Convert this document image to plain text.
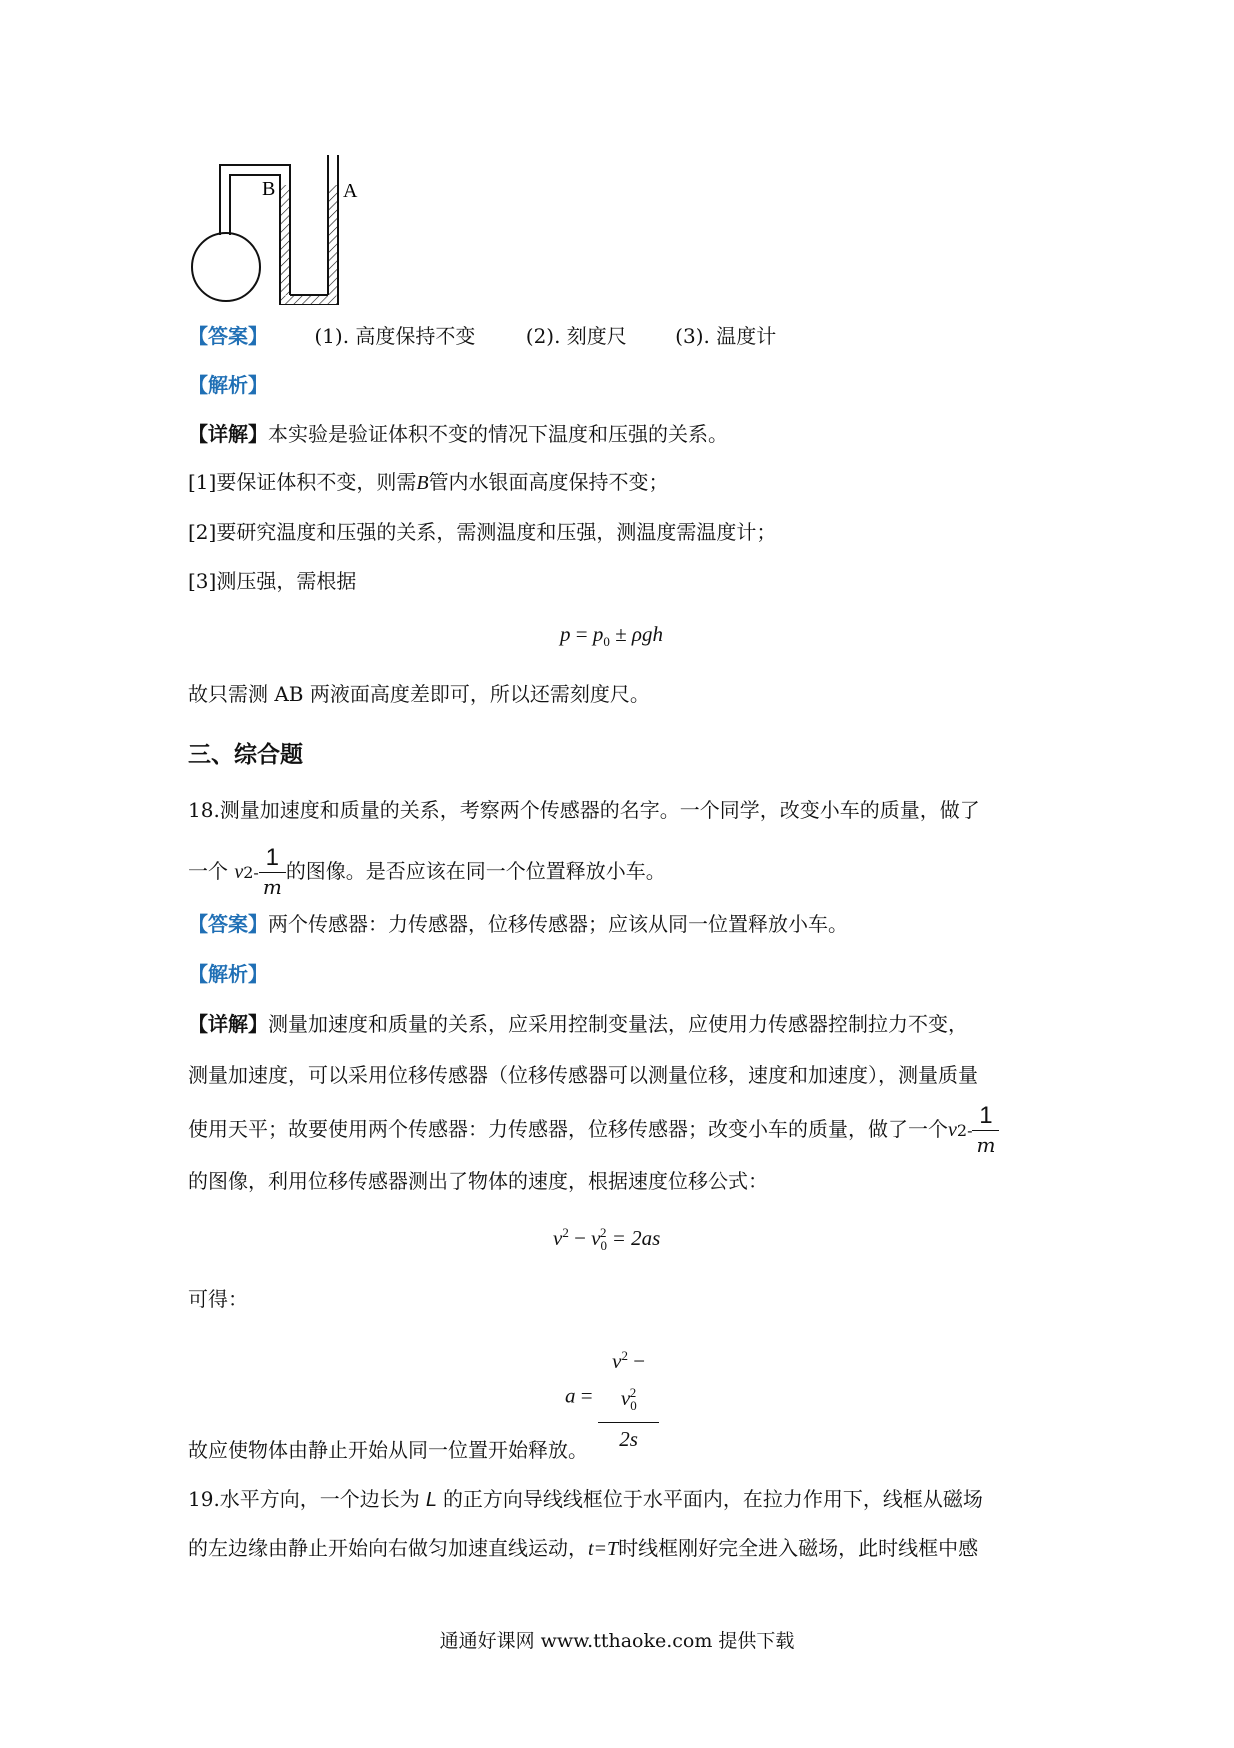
B	A
【答案】 (1). 高度保持不变	(2). 刻度尺 (3). 温度计
【解析】
【详解】本实验是验证体积不变的情况下温度和压强的关系。
[1]要保证体积不变，则需B管内水银面高度保持不变；
[2]要研究温度和压强的关系，需测温度和压强，测温度需温度计；
[3]测压强，需根据
$p = p_0 \pm \rho gh$
故只需测 AB 两液面高度差即可，所以还需刻度尺。
三、综合题
18.测量加速度和质量的关系，考察两个传感器的名字。一个同学，改变小车的质量，做了
一个 $v2- \frac{1}{m}$ 的图像。是否应该在同一个位置释放小车。
【答案】两个传感器：力传感器，位移传感器；应该从同一位置释放小车。
【解析】
【详解】测量加速度和质量的关系，应采用控制变量法，应使用力传感器控制拉力不变，
测量加速度，可以采用位移传感器（位移传感器可以测量位移，速度和加速度），测量质量
使用天平；故要使用两个传感器：力传感器，位移传感器；改变小车的质量，做了一个$v2- \frac{1}{m}$
的图像，利用位移传感器测出了物体的速度，根据速度位移公式：
$v^2 - v_0^2 = 2as$
可得：
$a = \frac{v^2 - v_0^2}{2s}$
故应使物体由静止开始从同一位置开始释放。
19.水平方向，一个边长为 L 的正方向导线线框位于水平面内，在拉力作用下，线框从磁场
的左边缘由静止开始向右做匀加速直线运动，t=T时线框刚好完全进入磁场，此时线框中感
通通好课网 www.tthaoke.com 提供下载
